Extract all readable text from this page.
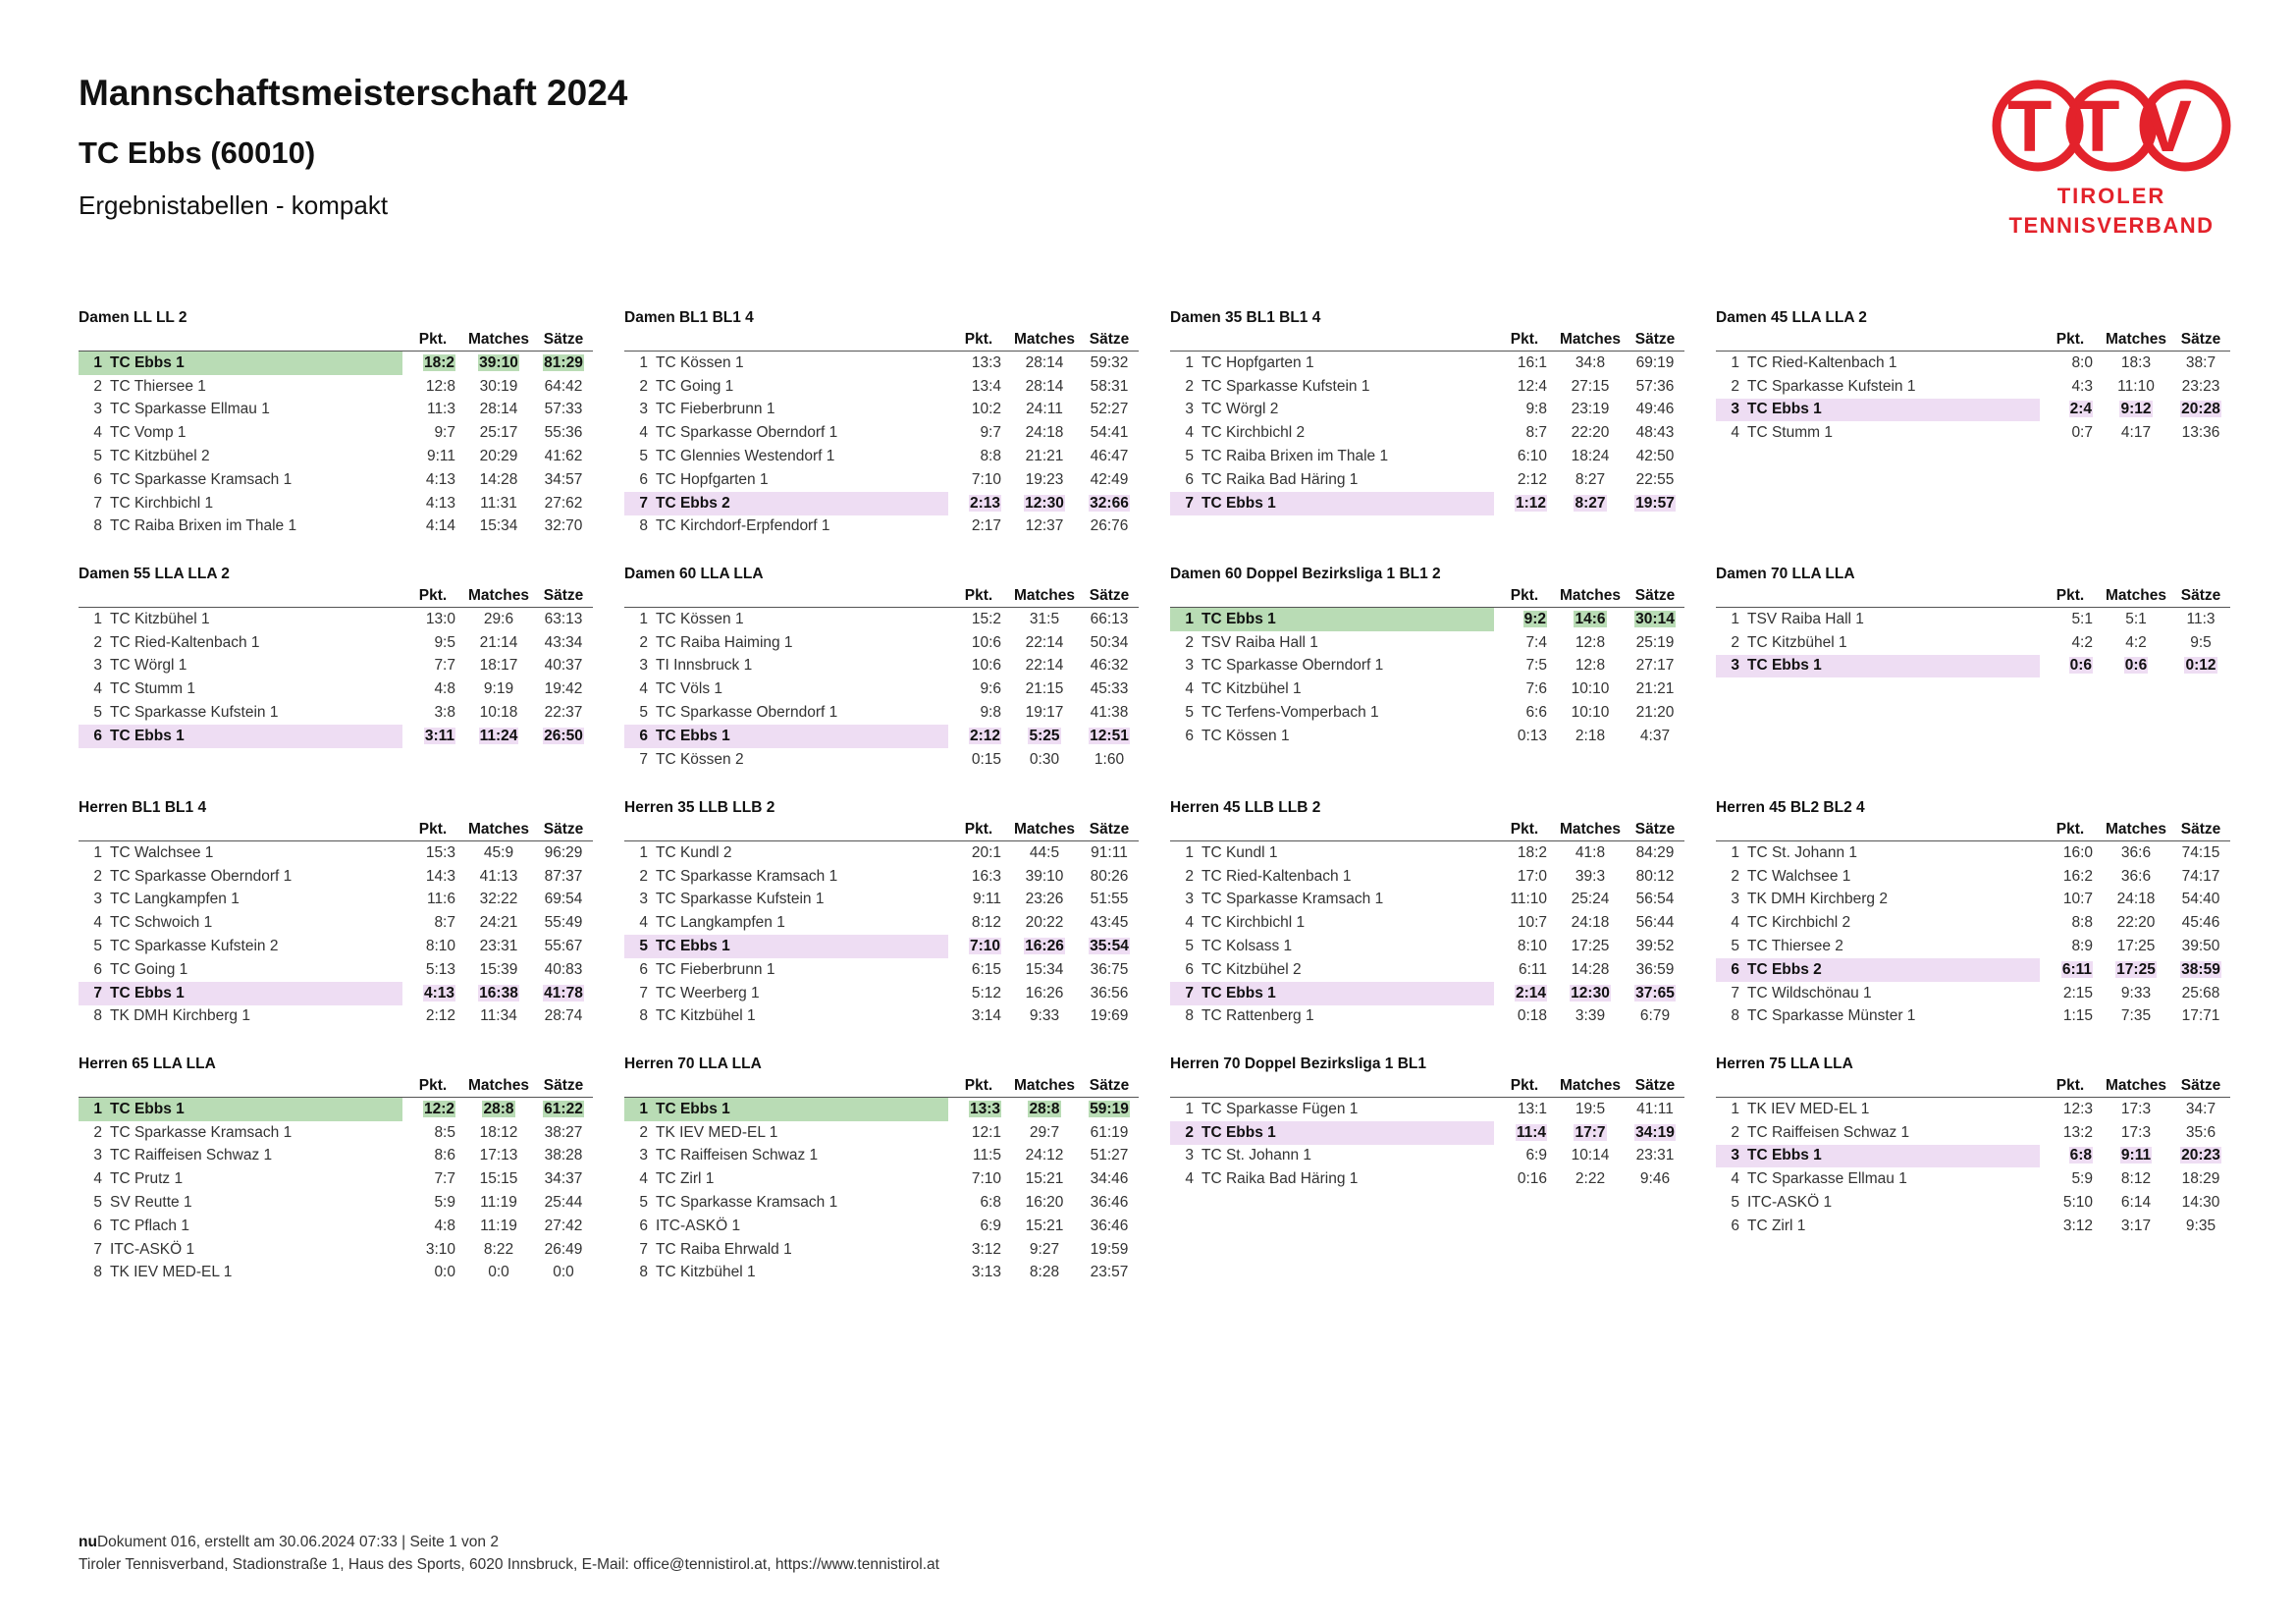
Mannschaftsmeisterschaft 2024
TC Ebbs (60010)
Ergebnistabellen - kompakt
TTV
TIROLER
TENNISVERBAND
Damen LL LL 2
		Pkt.	Matches	Sätze
1	TC Ebbs 1	18:2	39:10	81:29
2	TC Thiersee 1	12:8	30:19	64:42
3	TC Sparkasse Ellmau 1	11:3	28:14	57:33
4	TC Vomp 1	9:7	25:17	55:36
5	TC Kitzbühel 2	9:11	20:29	41:62
6	TC Sparkasse Kramsach 1	4:13	14:28	34:57
7	TC Kirchbichl 1	4:13	11:31	27:62
8	TC Raiba Brixen im Thale 1	4:14	15:34	32:70
Damen BL1 BL1 4
		Pkt.	Matches	Sätze
1	TC Kössen 1	13:3	28:14	59:32
2	TC Going 1	13:4	28:14	58:31
3	TC Fieberbrunn 1	10:2	24:11	52:27
4	TC Sparkasse Oberndorf 1	9:7	24:18	54:41
5	TC Glennies Westendorf 1	8:8	21:21	46:47
6	TC Hopfgarten 1	7:10	19:23	42:49
7	TC Ebbs 2	2:13	12:30	32:66
8	TC Kirchdorf-Erpfendorf 1	2:17	12:37	26:76
Damen 35 BL1 BL1 4
		Pkt.	Matches	Sätze
1	TC Hopfgarten 1	16:1	34:8	69:19
2	TC Sparkasse Kufstein 1	12:4	27:15	57:36
3	TC Wörgl 2	9:8	23:19	49:46
4	TC Kirchbichl 2	8:7	22:20	48:43
5	TC Raiba Brixen im Thale 1	6:10	18:24	42:50
6	TC Raika Bad Häring 1	2:12	8:27	22:55
7	TC Ebbs 1	1:12	8:27	19:57
Damen 45 LLA LLA 2
		Pkt.	Matches	Sätze
1	TC Ried-Kaltenbach 1	8:0	18:3	38:7
2	TC Sparkasse Kufstein 1	4:3	11:10	23:23
3	TC Ebbs 1	2:4	9:12	20:28
4	TC Stumm 1	0:7	4:17	13:36
Damen 55 LLA LLA 2
		Pkt.	Matches	Sätze
1	TC Kitzbühel 1	13:0	29:6	63:13
2	TC Ried-Kaltenbach 1	9:5	21:14	43:34
3	TC Wörgl 1	7:7	18:17	40:37
4	TC Stumm 1	4:8	9:19	19:42
5	TC Sparkasse Kufstein 1	3:8	10:18	22:37
6	TC Ebbs 1	3:11	11:24	26:50
Damen 60 LLA LLA
		Pkt.	Matches	Sätze
1	TC Kössen 1	15:2	31:5	66:13
2	TC Raiba Haiming 1	10:6	22:14	50:34
3	TI Innsbruck 1	10:6	22:14	46:32
4	TC Völs 1	9:6	21:15	45:33
5	TC Sparkasse Oberndorf 1	9:8	19:17	41:38
6	TC Ebbs 1	2:12	5:25	12:51
7	TC Kössen 2	0:15	0:30	1:60
Damen 60 Doppel Bezirksliga 1 BL1 2
		Pkt.	Matches	Sätze
1	TC Ebbs 1	9:2	14:6	30:14
2	TSV Raiba Hall 1	7:4	12:8	25:19
3	TC Sparkasse Oberndorf 1	7:5	12:8	27:17
4	TC Kitzbühel 1	7:6	10:10	21:21
5	TC Terfens-Vomperbach 1	6:6	10:10	21:20
6	TC Kössen 1	0:13	2:18	4:37
Damen 70 LLA LLA
		Pkt.	Matches	Sätze
1	TSV Raiba Hall 1	5:1	5:1	11:3
2	TC Kitzbühel 1	4:2	4:2	9:5
3	TC Ebbs 1	0:6	0:6	0:12
Herren BL1 BL1 4
		Pkt.	Matches	Sätze
1	TC Walchsee 1	15:3	45:9	96:29
2	TC Sparkasse Oberndorf 1	14:3	41:13	87:37
3	TC Langkampfen 1	11:6	32:22	69:54
4	TC Schwoich 1	8:7	24:21	55:49
5	TC Sparkasse Kufstein 2	8:10	23:31	55:67
6	TC Going 1	5:13	15:39	40:83
7	TC Ebbs 1	4:13	16:38	41:78
8	TK DMH Kirchberg 1	2:12	11:34	28:74
Herren 35 LLB LLB 2
		Pkt.	Matches	Sätze
1	TC Kundl 2	20:1	44:5	91:11
2	TC Sparkasse Kramsach 1	16:3	39:10	80:26
3	TC Sparkasse Kufstein 1	9:11	23:26	51:55
4	TC Langkampfen 1	8:12	20:22	43:45
5	TC Ebbs 1	7:10	16:26	35:54
6	TC Fieberbrunn 1	6:15	15:34	36:75
7	TC Weerberg 1	5:12	16:26	36:56
8	TC Kitzbühel 1	3:14	9:33	19:69
Herren 45 LLB LLB 2
		Pkt.	Matches	Sätze
1	TC Kundl 1	18:2	41:8	84:29
2	TC Ried-Kaltenbach 1	17:0	39:3	80:12
3	TC Sparkasse Kramsach 1	11:10	25:24	56:54
4	TC Kirchbichl 1	10:7	24:18	56:44
5	TC Kolsass 1	8:10	17:25	39:52
6	TC Kitzbühel 2	6:11	14:28	36:59
7	TC Ebbs 1	2:14	12:30	37:65
8	TC Rattenberg 1	0:18	3:39	6:79
Herren 45 BL2 BL2 4
		Pkt.	Matches	Sätze
1	TC St. Johann 1	16:0	36:6	74:15
2	TC Walchsee 1	16:2	36:6	74:17
3	TK DMH Kirchberg 2	10:7	24:18	54:40
4	TC Kirchbichl 2	8:8	22:20	45:46
5	TC Thiersee 2	8:9	17:25	39:50
6	TC Ebbs 2	6:11	17:25	38:59
7	TC Wildschönau 1	2:15	9:33	25:68
8	TC Sparkasse Münster 1	1:15	7:35	17:71
Herren 65 LLA LLA
		Pkt.	Matches	Sätze
1	TC Ebbs 1	12:2	28:8	61:22
2	TC Sparkasse Kramsach 1	8:5	18:12	38:27
3	TC Raiffeisen Schwaz 1	8:6	17:13	38:28
4	TC Prutz 1	7:7	15:15	34:37
5	SV Reutte 1	5:9	11:19	25:44
6	TC Pflach 1	4:8	11:19	27:42
7	ITC-ASKÖ 1	3:10	8:22	26:49
8	TK IEV MED-EL 1	0:0	0:0	0:0
Herren 70 LLA LLA
		Pkt.	Matches	Sätze
1	TC Ebbs 1	13:3	28:8	59:19
2	TK IEV MED-EL 1	12:1	29:7	61:19
3	TC Raiffeisen Schwaz 1	11:5	24:12	51:27
4	TC Zirl 1	7:10	15:21	34:46
5	TC Sparkasse Kramsach 1	6:8	16:20	36:46
6	ITC-ASKÖ 1	6:9	15:21	36:46
7	TC Raiba Ehrwald 1	3:12	9:27	19:59
8	TC Kitzbühel 1	3:13	8:28	23:57
Herren 70 Doppel Bezirksliga 1 BL1
		Pkt.	Matches	Sätze
1	TC Sparkasse Fügen 1	13:1	19:5	41:11
2	TC Ebbs 1	11:4	17:7	34:19
3	TC St. Johann 1	6:9	10:14	23:31
4	TC Raika Bad Häring 1	0:16	2:22	9:46
Herren 75 LLA LLA
		Pkt.	Matches	Sätze
1	TK IEV MED-EL 1	12:3	17:3	34:7
2	TC Raiffeisen Schwaz 1	13:2	17:3	35:6
3	TC Ebbs 1	6:8	9:11	20:23
4	TC Sparkasse Ellmau 1	5:9	8:12	18:29
5	ITC-ASKÖ 1	5:10	6:14	14:30
6	TC Zirl 1	3:12	3:17	9:35
nuDokument 016, erstellt am 30.06.2024 07:33 | Seite 1 von 2
Tiroler Tennisverband, Stadionstraße 1, Haus des Sports, 6020 Innsbruck, E-Mail: office@tennistirol.at, https://www.tennistirol.at
